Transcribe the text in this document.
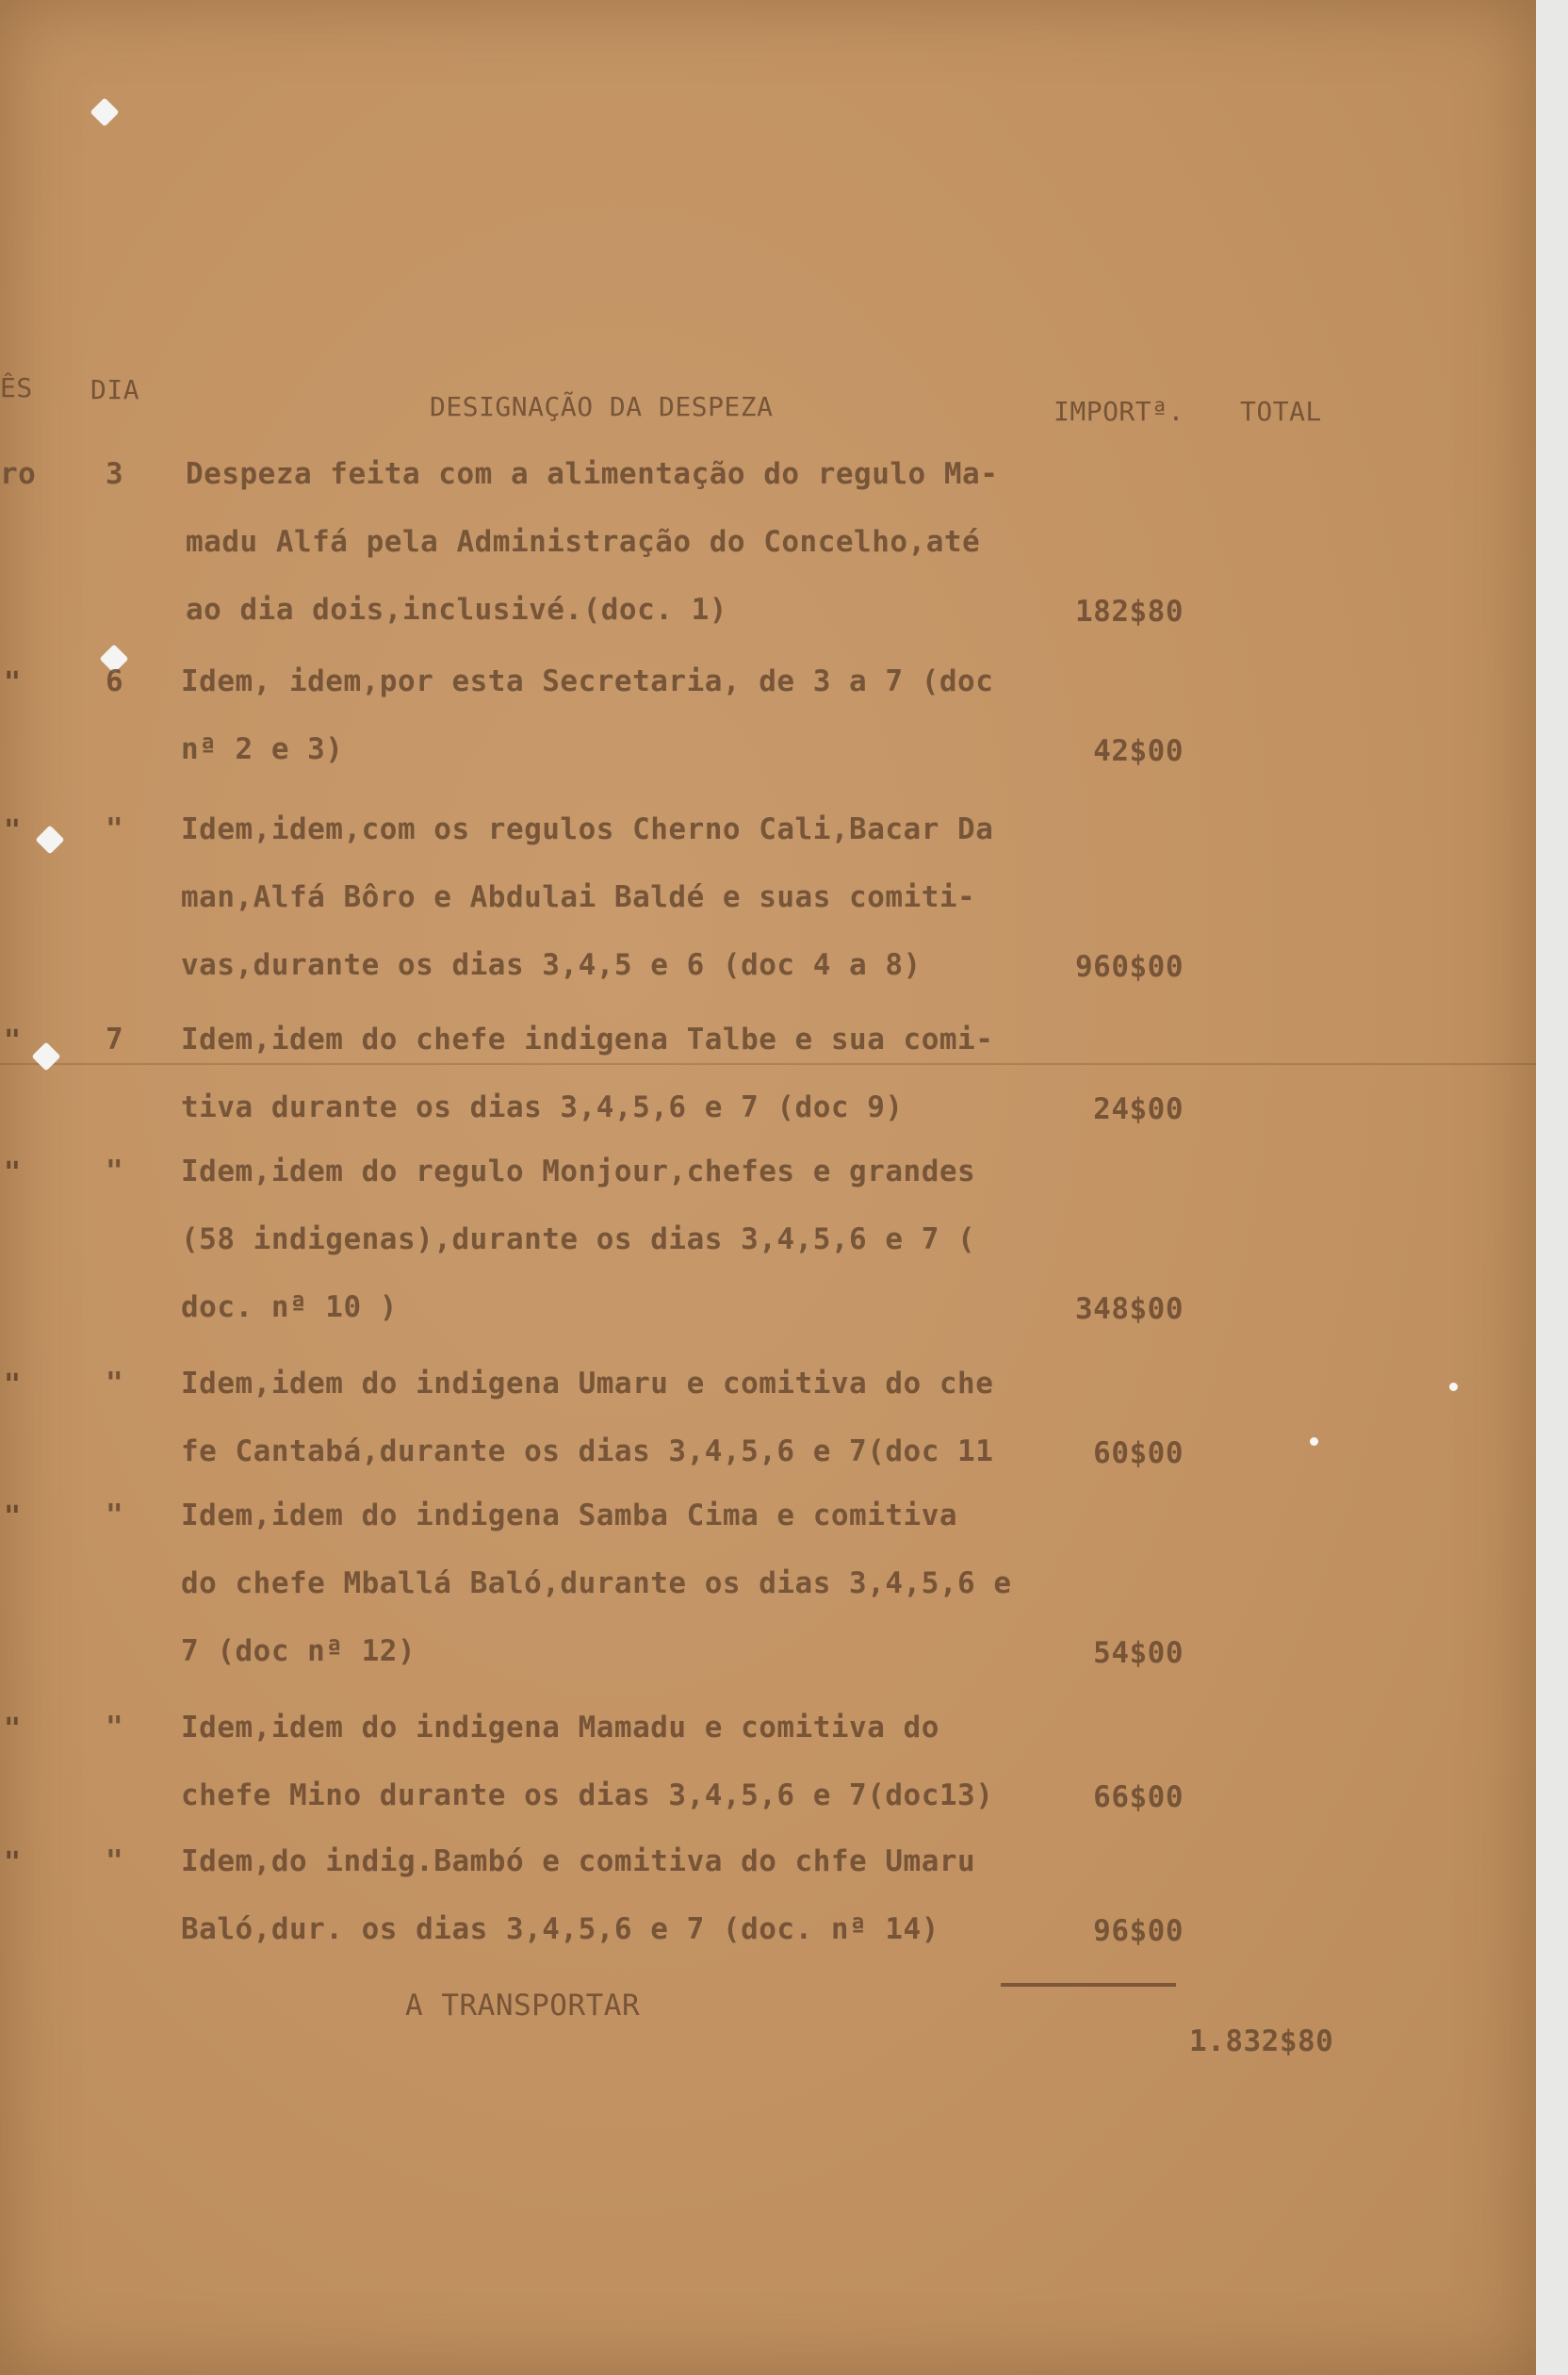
ÊS DIA
DESIGNAÇÃO DA DESPEZA	IMPORTª. TOTAL
ro 3 Despeza feita com a alimentação do regulo Ma-
madu Alfá pela Administração do Concelho,até
ao dia dois,inclusivé.(doc. 1)	182$80
"	6 Idem, idem,por esta Secretaria, de 3 a 7 (doc
nª 2 e 3)	42$00
"	" Idem,idem,com os regulos Cherno Cali,Bacar Da
man,Alfá Bôro e Abdulai Baldé e suas comiti-
vas,durante os dias 3,4,5 e 6 (doc 4 a 8)	960$00
"	7 Idem,idem do chefe indigena Talbe e sua comi-
tiva durante os dias 3,4,5,6 e 7 (doc 9)	24$00
"	" Idem,idem do regulo Monjour,chefes e grandes
(58 indigenas),durante os dias 3,4,5,6 e 7 (
doc. nª 10 )	348$00
"	" Idem,idem do indigena Umaru e comitiva do che
fe Cantabá,durante os dias 3,4,5,6 e 7(doc 11	60$00
"	" Idem,idem do indigena Samba Cima e comitiva
do chefe Mballá Baló,durante os dias 3,4,5,6 e
7 (doc nª 12)	54$00
"	" Idem,idem do indigena Mamadu e comitiva do
chefe Mino durante os dias 3,4,5,6 e 7(doc13)	66$00
"	" Idem,do indig.Bambó e comitiva do chfe Umaru
Baló,dur. os dias 3,4,5,6 e 7 (doc. nª 14)	96$00
A TRANSPORTAR
1.832$80
